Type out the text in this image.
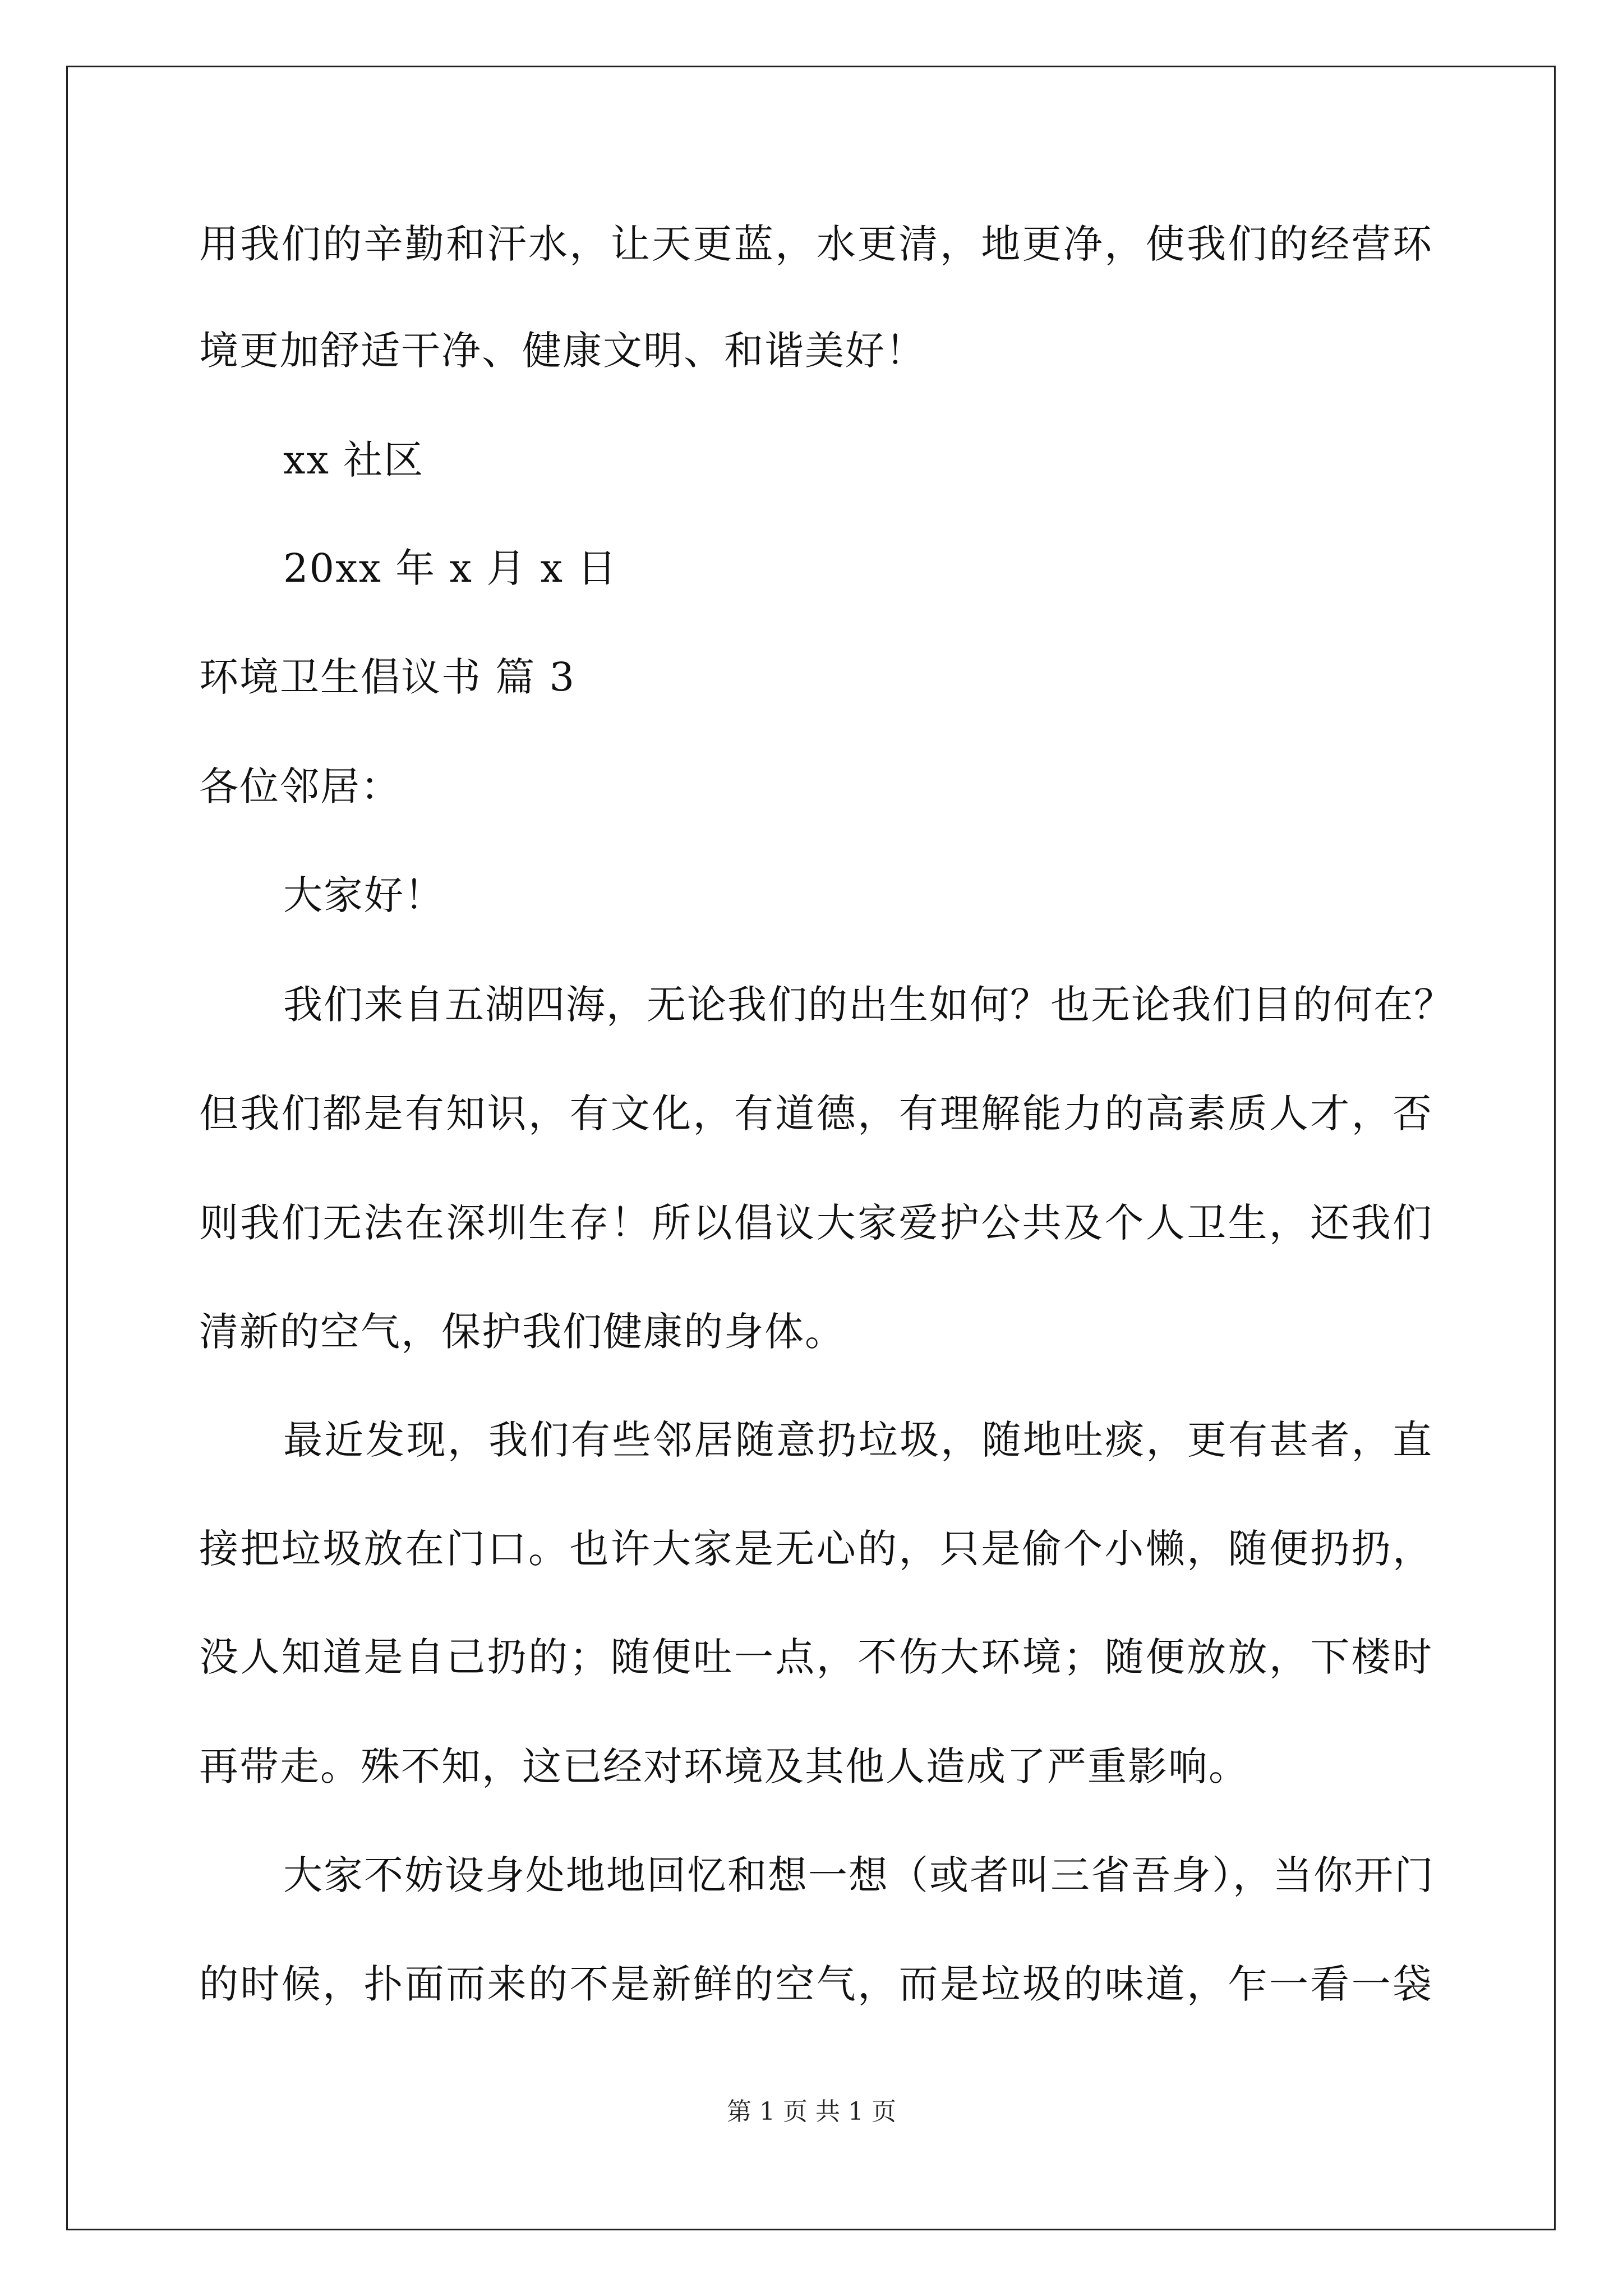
用我们的辛勤和汗水，让天更蓝，水更清，地更净，使我们的经营环
境更加舒适干净、健康文明、和谐美好！
xx 社区
20xx 年 x 月 x 日
环境卫生倡议书 篇 3
各位邻居：
大家好！
我们来自五湖四海，无论我们的出生如何？也无论我们目的何在？
但我们都是有知识，有文化，有道德，有理解能力的高素质人才，否
则我们无法在深圳生存！所以倡议大家爱护公共及个人卫生，还我们
清新的空气，保护我们健康的身体。
最近发现，我们有些邻居随意扔垃圾，随地吐痰，更有甚者，直
接把垃圾放在门口。也许大家是无心的，只是偷个小懒，随便扔扔，
没人知道是自己扔的；随便吐一点，不伤大环境；随便放放，下楼时
再带走。殊不知，这已经对环境及其他人造成了严重影响。
大家不妨设身处地地回忆和想一想（或者叫三省吾身），当你开门
的时候，扑面而来的不是新鲜的空气，而是垃圾的味道，乍一看一袋
第 1 页 共 1 页
